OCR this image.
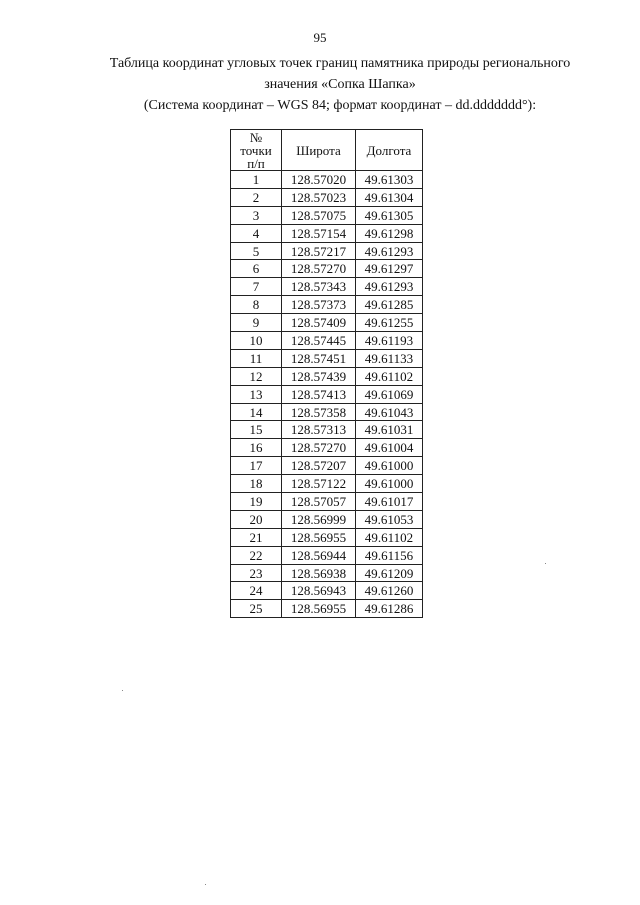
95
Таблица координат угловых точек границ памятника природы регионального
значения «Сопка Шапка»
(Система координат – WGS 84; формат координат – dd.ddddddd°):
№
точки
п/п	Широта	Долгота
1	128.57020	49.61303
2	128.57023	49.61304
3	128.57075	49.61305
4	128.57154	49.61298
5	128.57217	49.61293
6	128.57270	49.61297
7	128.57343	49.61293
8	128.57373	49.61285
9	128.57409	49.61255
10	128.57445	49.61193
11	128.57451	49.61133
12	128.57439	49.61102
13	128.57413	49.61069
14	128.57358	49.61043
15	128.57313	49.61031
16	128.57270	49.61004
17	128.57207	49.61000
18	128.57122	49.61000
19	128.57057	49.61017
20	128.56999	49.61053
21	128.56955	49.61102
22	128.56944	49.61156
23	128.56938	49.61209
24	128.56943	49.61260
25	128.56955	49.61286
